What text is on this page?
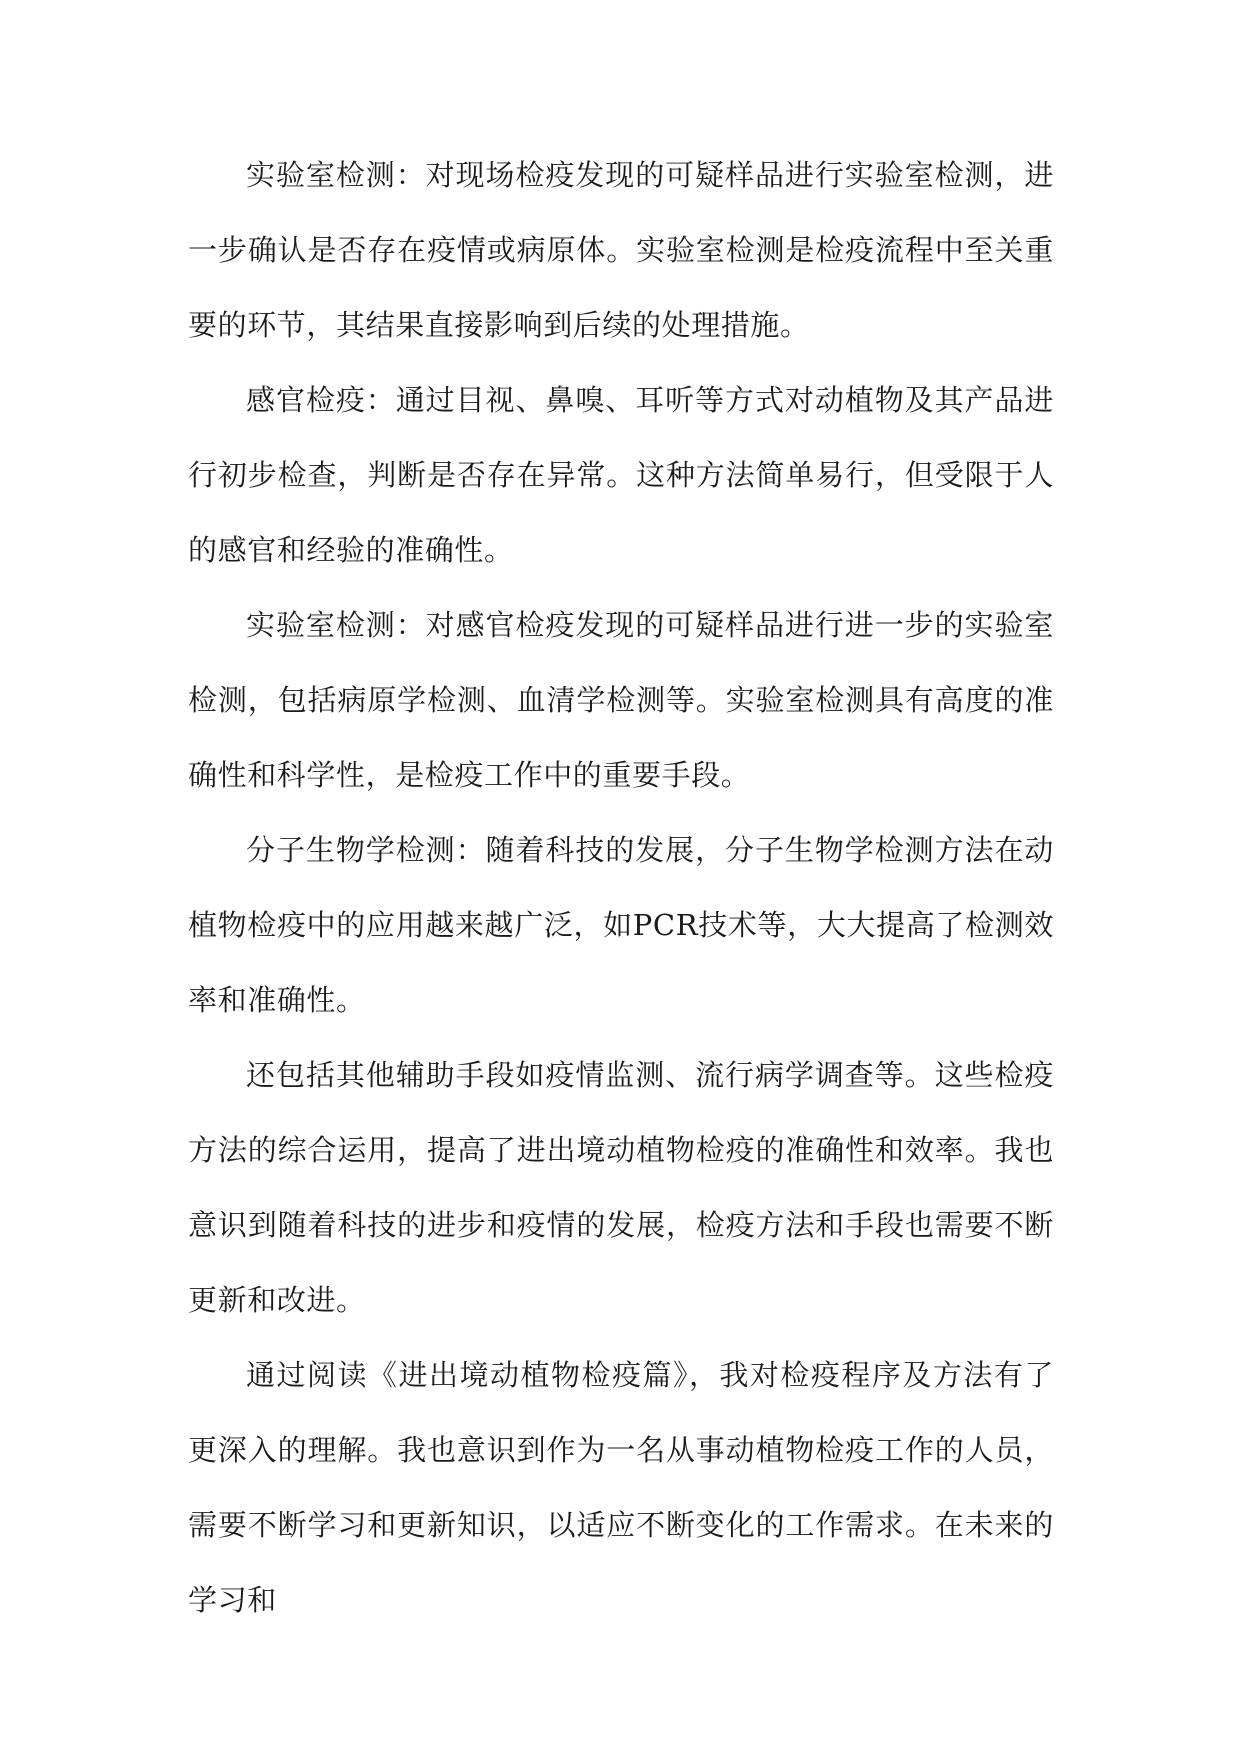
实验室检测：对现场检疫发现的可疑样品进行实验室检测，进一步确认是否存在疫情或病原体。实验室检测是检疫流程中至关重要的环节，其结果直接影响到后续的处理措施。

感官检疫：通过目视、鼻嗅、耳听等方式对动植物及其产品进行初步检查，判断是否存在异常。这种方法简单易行，但受限于人的感官和经验的准确性。

实验室检测：对感官检疫发现的可疑样品进行进一步的实验室检测，包括病原学检测、血清学检测等。实验室检测具有高度的准确性和科学性，是检疫工作中的重要手段。

分子生物学检测：随着科技的发展，分子生物学检测方法在动植物检疫中的应用越来越广泛，如PCR技术等，大大提高了检测效率和准确性。

还包括其他辅助手段如疫情监测、流行病学调查等。这些检疫方法的综合运用，提高了进出境动植物检疫的准确性和效率。我也意识到随着科技的进步和疫情的发展，检疫方法和手段也需要不断更新和改进。

通过阅读《进出境动植物检疫篇》，我对检疫程序及方法有了更深入的理解。我也意识到作为一名从事动植物检疫工作的人员，需要不断学习和更新知识，以适应不断变化的工作需求。在未来的学习和
